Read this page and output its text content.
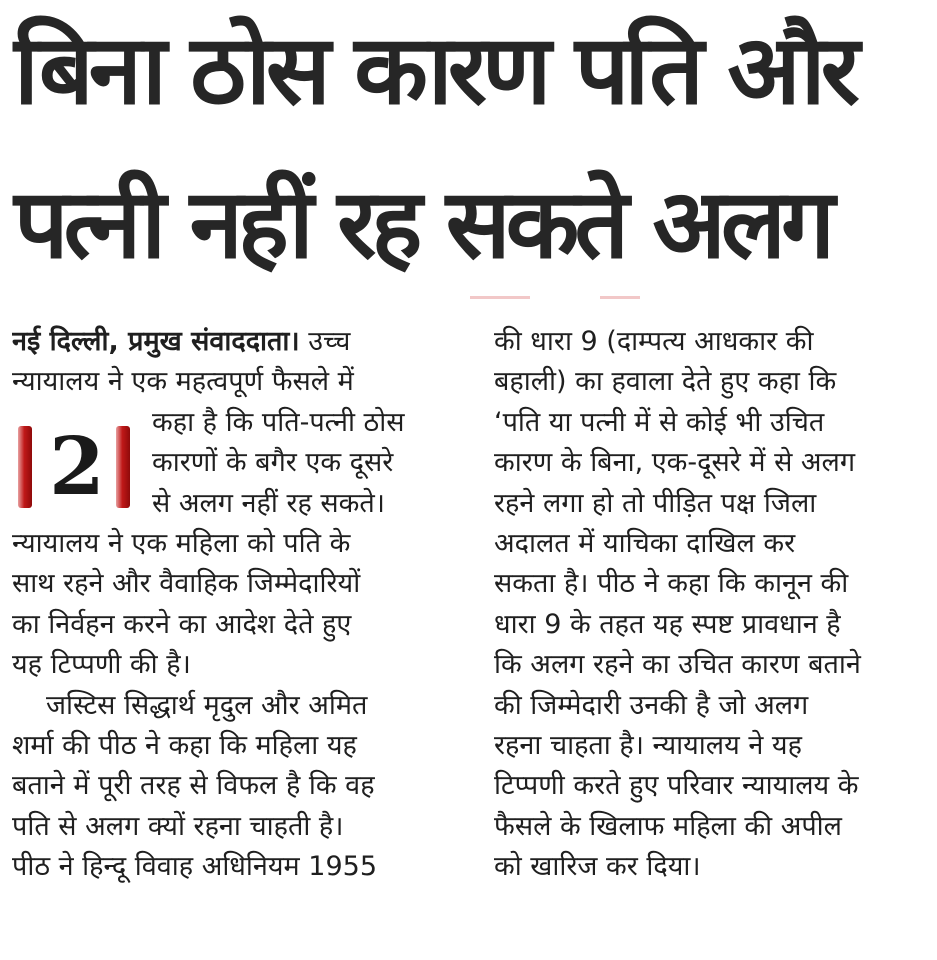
बिना ठोस कारण पति और
पत्नी नहीं रह सकते अलग
2
नई दिल्ली, प्रमुख संवाददाता। उच्च
न्यायालय ने एक महत्वपूर्ण फैसले में
कहा है कि पति-पत्नी ठोस
कारणों के बगैर एक दूसरे
से अलग नहीं रह सकते।
न्यायालय ने एक महिला को पति के
साथ रहने और वैवाहिक जिम्मेदारियों
का निर्वहन करने का आदेश देते हुए
यह टिप्पणी की है।
जस्टिस सिद्धार्थ मृदुल और अमित
शर्मा की पीठ ने कहा कि महिला यह
बताने में पूरी तरह से विफल है कि वह
पति से अलग क्यों रहना चाहती है।
पीठ ने हिन्दू विवाह अधिनियम 1955
की धारा 9 (दाम्पत्य आधकार की
बहाली) का हवाला देते हुए कहा कि
‘पति या पत्नी में से कोई भी उचित
कारण के बिना, एक-दूसरे में से अलग
रहने लगा हो तो पीड़ित पक्ष जिला
अदालत में याचिका दाखिल कर
सकता है। पीठ ने कहा कि कानून की
धारा 9 के तहत यह स्पष्ट प्रावधान है
कि अलग रहने का उचित कारण बताने
की जिम्मेदारी उनकी है जो अलग
रहना चाहता है। न्यायालय ने यह
टिप्पणी करते हुए परिवार न्यायालय के
फैसले के खिलाफ महिला की अपील
को खारिज कर दिया।
